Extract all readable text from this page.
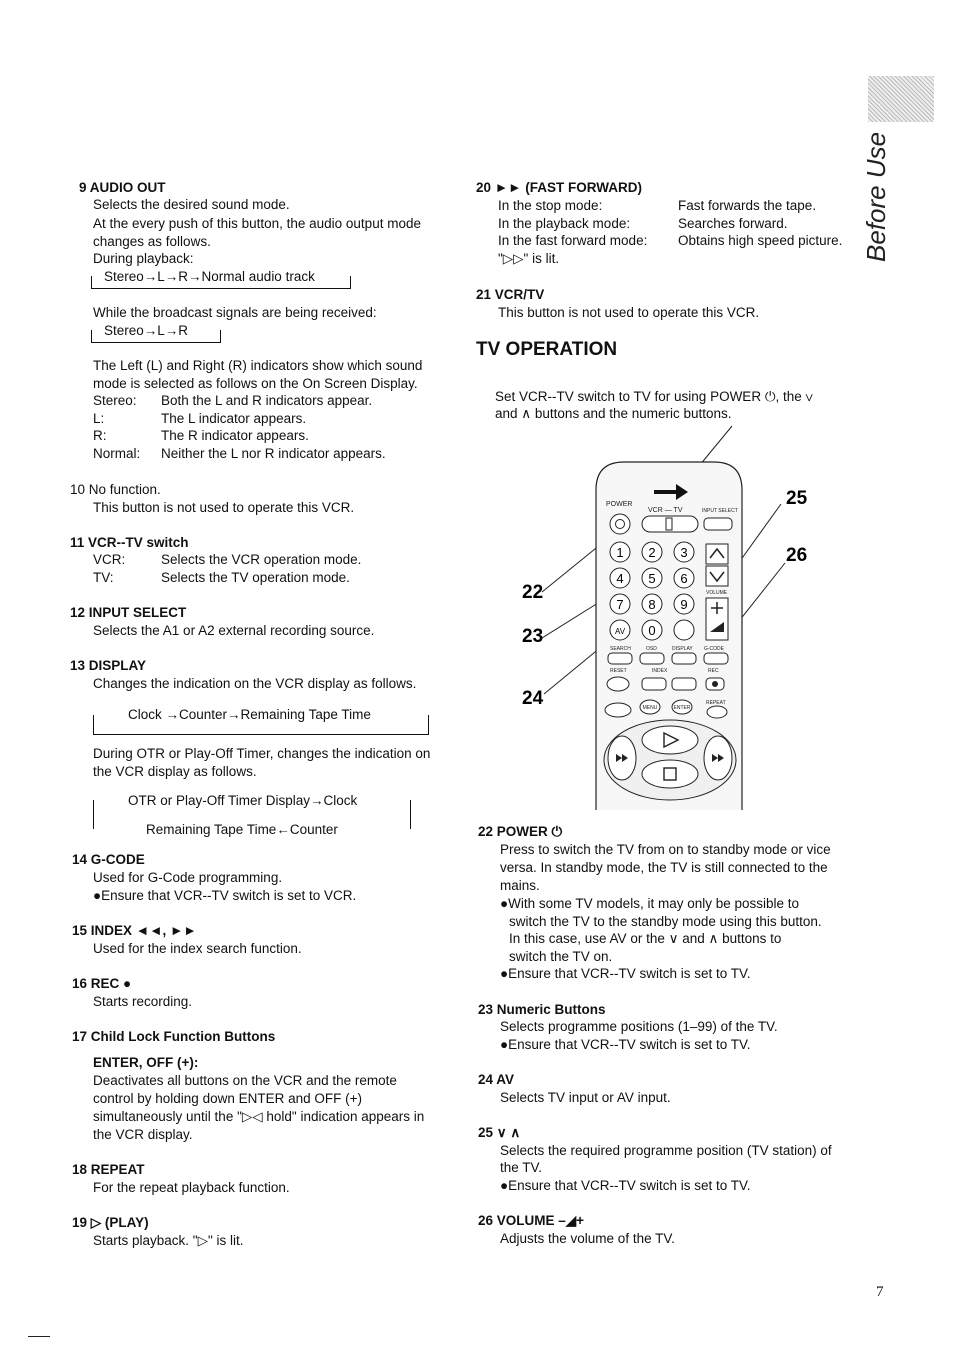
Before Use
9 AUDIO OUT
Selects the desired sound mode.
At the every push of this button, the audio output mode
changes as follows.
During playback:
Stereo→L→R→Normal audio track
While the broadcast signals are being received:
Stereo→L→R
The Left (L) and Right (R) indicators show which sound
mode is selected as follows on the On Screen Display.
Stereo:	Both the L and R indicators appear.
L:	The L indicator appears.
R:	The R indicator appears.
Normal:	Neither the L nor R indicator appears.
10 No function.
This button is not used to operate this VCR.
11 VCR--TV switch
VCR:	Selects the VCR operation mode.
TV:	Selects the TV operation mode.
12 INPUT SELECT
Selects the A1 or A2 external recording source.
13 DISPLAY
Changes the indication on the VCR display as follows.
Clock →Counter→Remaining Tape Time
During OTR or Play-Off Timer, changes the indication on
the VCR display as follows.
OTR or Play-Off Timer Display→Clock
Remaining Tape Time←Counter
14 G-CODE
Used for G-Code programming.
●Ensure that VCR--TV switch is set to VCR.
15 INDEX ◄◄, ►►
Used for the index search function.
16 REC ●
Starts recording.
17 Child Lock Function Buttons
ENTER, OFF (+):
Deactivates all buttons on the VCR and the remote
control by holding down ENTER and OFF (+)
simultaneously until the "▷◁ hold" indication appears in
the VCR display.
18 REPEAT
For the repeat playback function.
19 ▷ (PLAY)
Starts playback. "▷" is lit.
20 ►► (FAST FORWARD)
In the stop mode:	Fast forwards the tape.
In the playback mode:	Searches forward.
In the fast forward mode:	Obtains high speed picture.
"▷▷" is lit.
21 VCR/TV
This button is not used to operate this VCR.
TV OPERATION
Set VCR--TV switch to TV for using POWER ⏻, the ∨
and ∧ buttons and the numeric buttons.
POWER
VCR — TV	INPUT SELECT
1 2 3
4 5 6
7 8 9
0
AV
VOLUME
SEARCH	OSD	DISPLAY G-CODE
RESET	INDEX	REC
MENU	ENTER
REPEAT
25
26
22
23
24
22 POWER ⏻
Press to switch the TV from on to standby mode or vice
versa. In standby mode, the TV is still connected to the
mains.
●With some TV models, it may only be possible to
switch the TV to the standby mode using this button.
In this case, use AV or the ∨ and ∧ buttons to
switch the TV on.
●Ensure that VCR--TV switch is set to TV.
23 Numeric Buttons
Selects programme positions (1–99) of the TV.
●Ensure that VCR--TV switch is set to TV.
24 AV
Selects TV input or AV input.
25 ∨ ∧
Selects the required programme position (TV station) of
the TV.
●Ensure that VCR--TV switch is set to TV.
26 VOLUME –◢+
Adjusts the volume of the TV.
7
